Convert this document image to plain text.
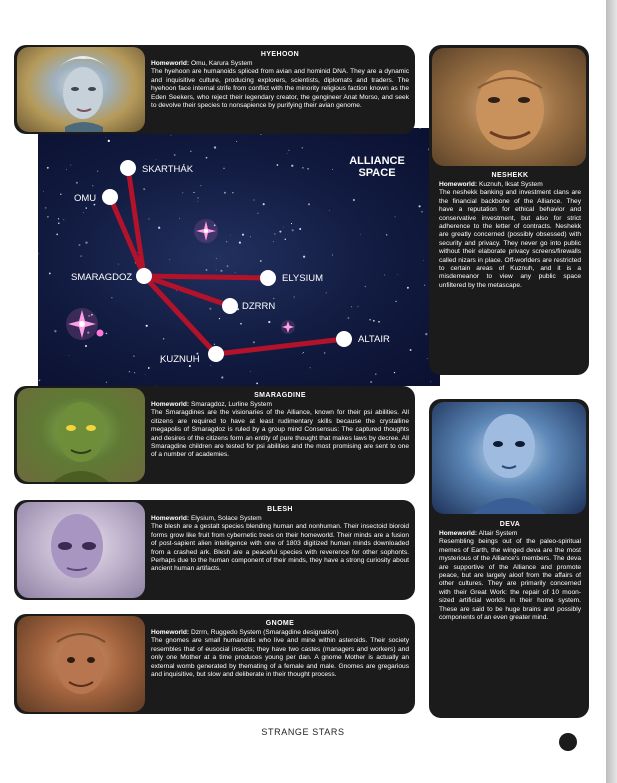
SKARTHÁK
OMU
SMARAGDOZ	ELYSIUM
DZRRN
KUZNUH
ALTAIR
ALLIANCE
SPACE
HYEHOON
Homeworld: Omu, Karura System
The hyehoon are humanoids spliced from avian and hominid DNA. They are a dynamic and inquisitive culture, producing explorers, scientists, diplomats and traders. The hyehoon face internal strife from conflict with the minority religious faction known as the Eden Seekers, who reject their legendary creator, the gengineer Anat Morso, and seek to devolve their species to nonsapience by purifying their avian genome.
NESHEKK
Homeworld: Kuznuh, Iksat System
The neshekk banking and investment clans are the financial backbone of the Alliance. They have a reputation for ethical behavior and conservative investment, but also for strict adherence to the letter of contracts. Neshekk are greatly concerned (possibly obsessed) with security and privacy. They never go into public without their elaborate privacy screens/firewalls called nizars in place. Off-worlders are restricted to certain areas of Kuznuh, and it is a misdemeanor to view any public space unfiltered by the metascape.
SMARAGDINE
Homeworld: Smaragdoz, Lurline System
The Smaragdines are the visionaries of the Alliance, known for their psi abilities. All citizens are required to have at least rudimentary skills because the crystalline megapolis of Smaragdoz is ruled by a group mind Consensus: The captured thoughts and desires of the citizens form an entity of pure thought that makes laws by decree. All Smaragdine children are tested for psi abilities and the most promising are sent to one of a number of academies.
DEVA
Homeworld: Altair System
Resembling beings out of the paleo-spiritual memes of Earth, the winged deva are the most mysterious of the Alliance's members. The deva are supportive of the Alliance and promote peace, but are largely aloof from the affairs of other cultures. They are primarily concerned with their Great Work: the repair of 10 moon-sized artificial worlds in their home system. These are said to be huge brains and possibly components of an even greater mind.
BLESH
Homeworld: Elysium, Solace System
The blesh are a gestalt species blending human and nonhuman. Their insectoid bioroid forms grow like fruit from cybernetic trees on their homeworld. Their minds are a fusion of post-sapient alien intelligence with one of 1803 digitized human minds downloaded from a crashed ark. Blesh are a peaceful species with reverence for other sophonts. Perhaps due to the human component of their minds, they have a strong curiosity about ancient human artifacts.
GNOME
Homeworld: Dzrrn, Ruggedo System (Smaragdine designation)
The gnomes are small humanoids who live and mine within asteroids. Their society resembles that of eusocial insects; they have two castes (managers and workers) and only one Mother at a time produces young per dan. A gnome Mother is actually an external womb generated by themating of a female and male. Gnomes are gregarious and inquisitive, but slow and deliberate in their thought process.
STRANGE STARS
